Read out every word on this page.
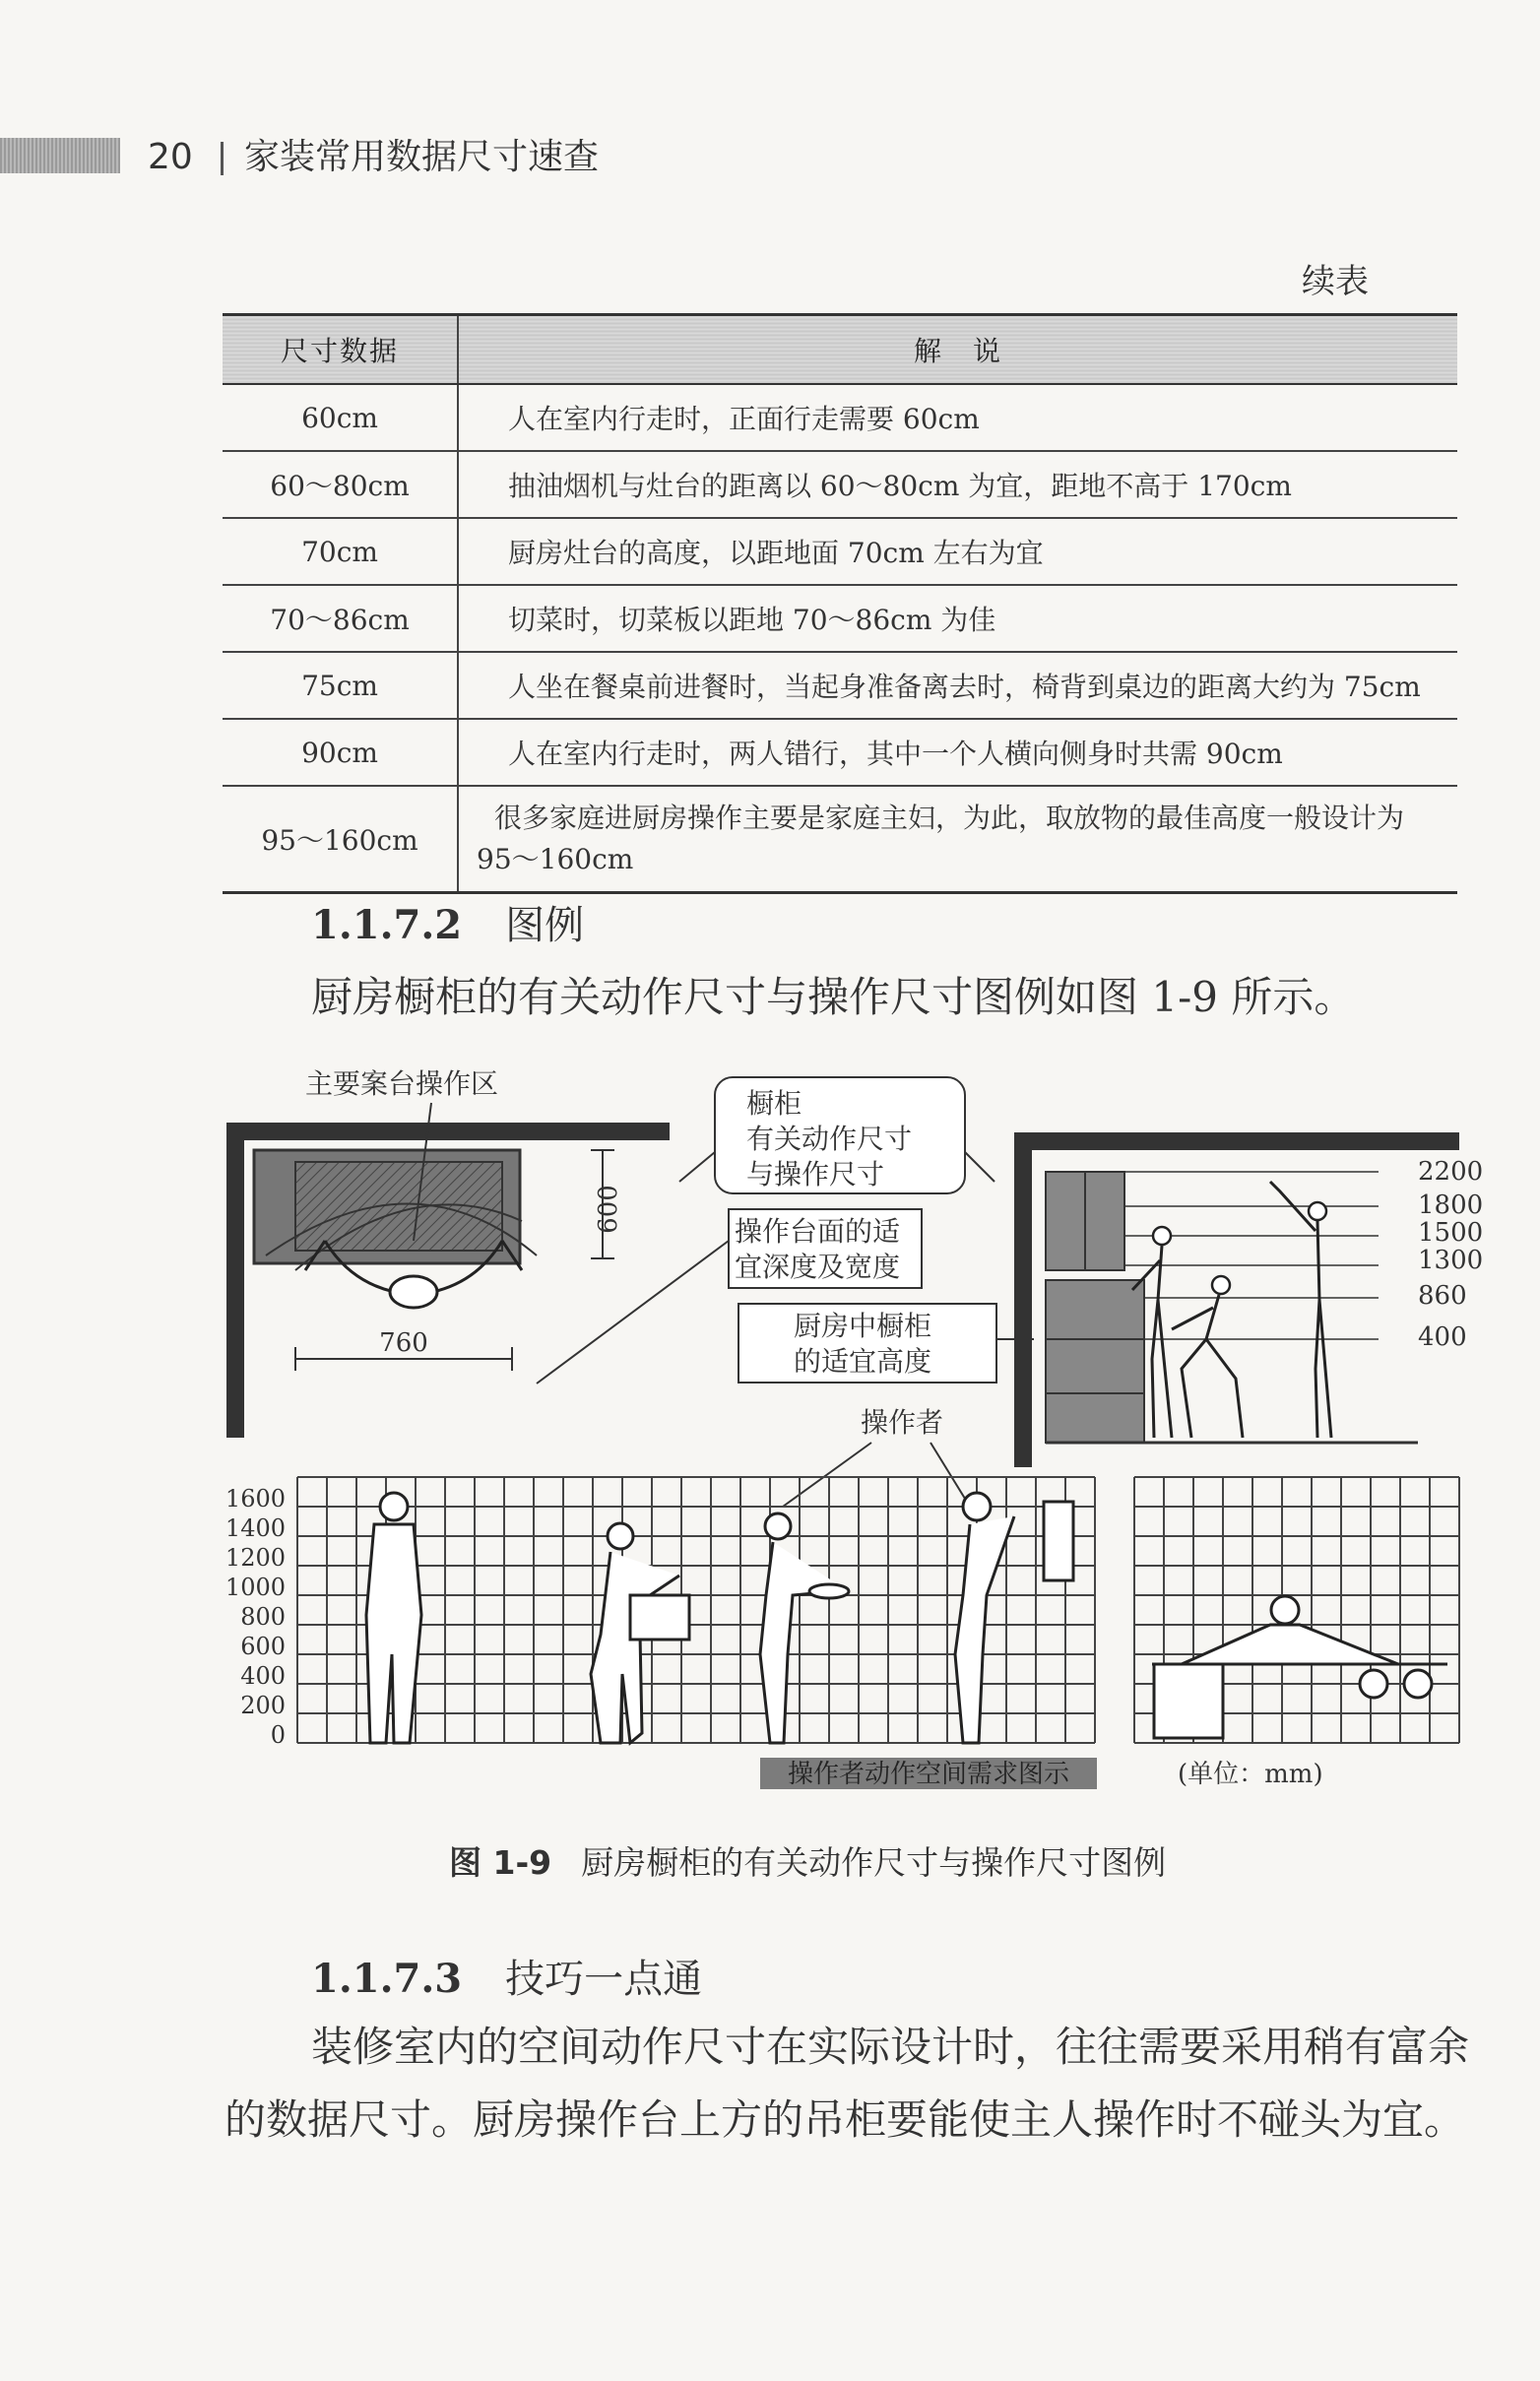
20 家装常用数据尺寸速查
续表
尺寸数据	解　说
60cm	人在室内行走时，正面行走需要 60cm
60～80cm	抽油烟机与灶台的距离以 60～80cm 为宜，距地不高于 170cm
70cm	厨房灶台的高度，以距地面 70cm 左右为宜
70～86cm	切菜时，切菜板以距地 70～86cm 为佳
75cm	人坐在餐桌前进餐时，当起身准备离去时，椅背到桌边的距离大约为 75cm
90cm	人在室内行走时，两人错行，其中一个人横向侧身时共需 90cm
95～160cm	很多家庭进厨房操作主要是家庭主妇，为此，取放物的最佳高度一般设计为 95～160cm
1.1.7.2 图例
厨房橱柜的有关动作尺寸与操作尺寸图例如图 1-9 所示。
主要案台操作区
600
760
橱柜
有关动作尺寸
与操作尺寸
操作台面的适
宜深度及宽度
厨房中橱柜
的适宜高度
2200
1800
1500
1300
860
400
操作者
1600
1400
1200
1000
800
600
400
200
0
操作者动作空间需求图示	(单位：mm)
图 1-9 厨房橱柜的有关动作尺寸与操作尺寸图例
1.1.7.3 技巧一点通
装修室内的空间动作尺寸在实际设计时，往往需要采用稍有富余
的数据尺寸。厨房操作台上方的吊柜要能使主人操作时不碰头为宜。
